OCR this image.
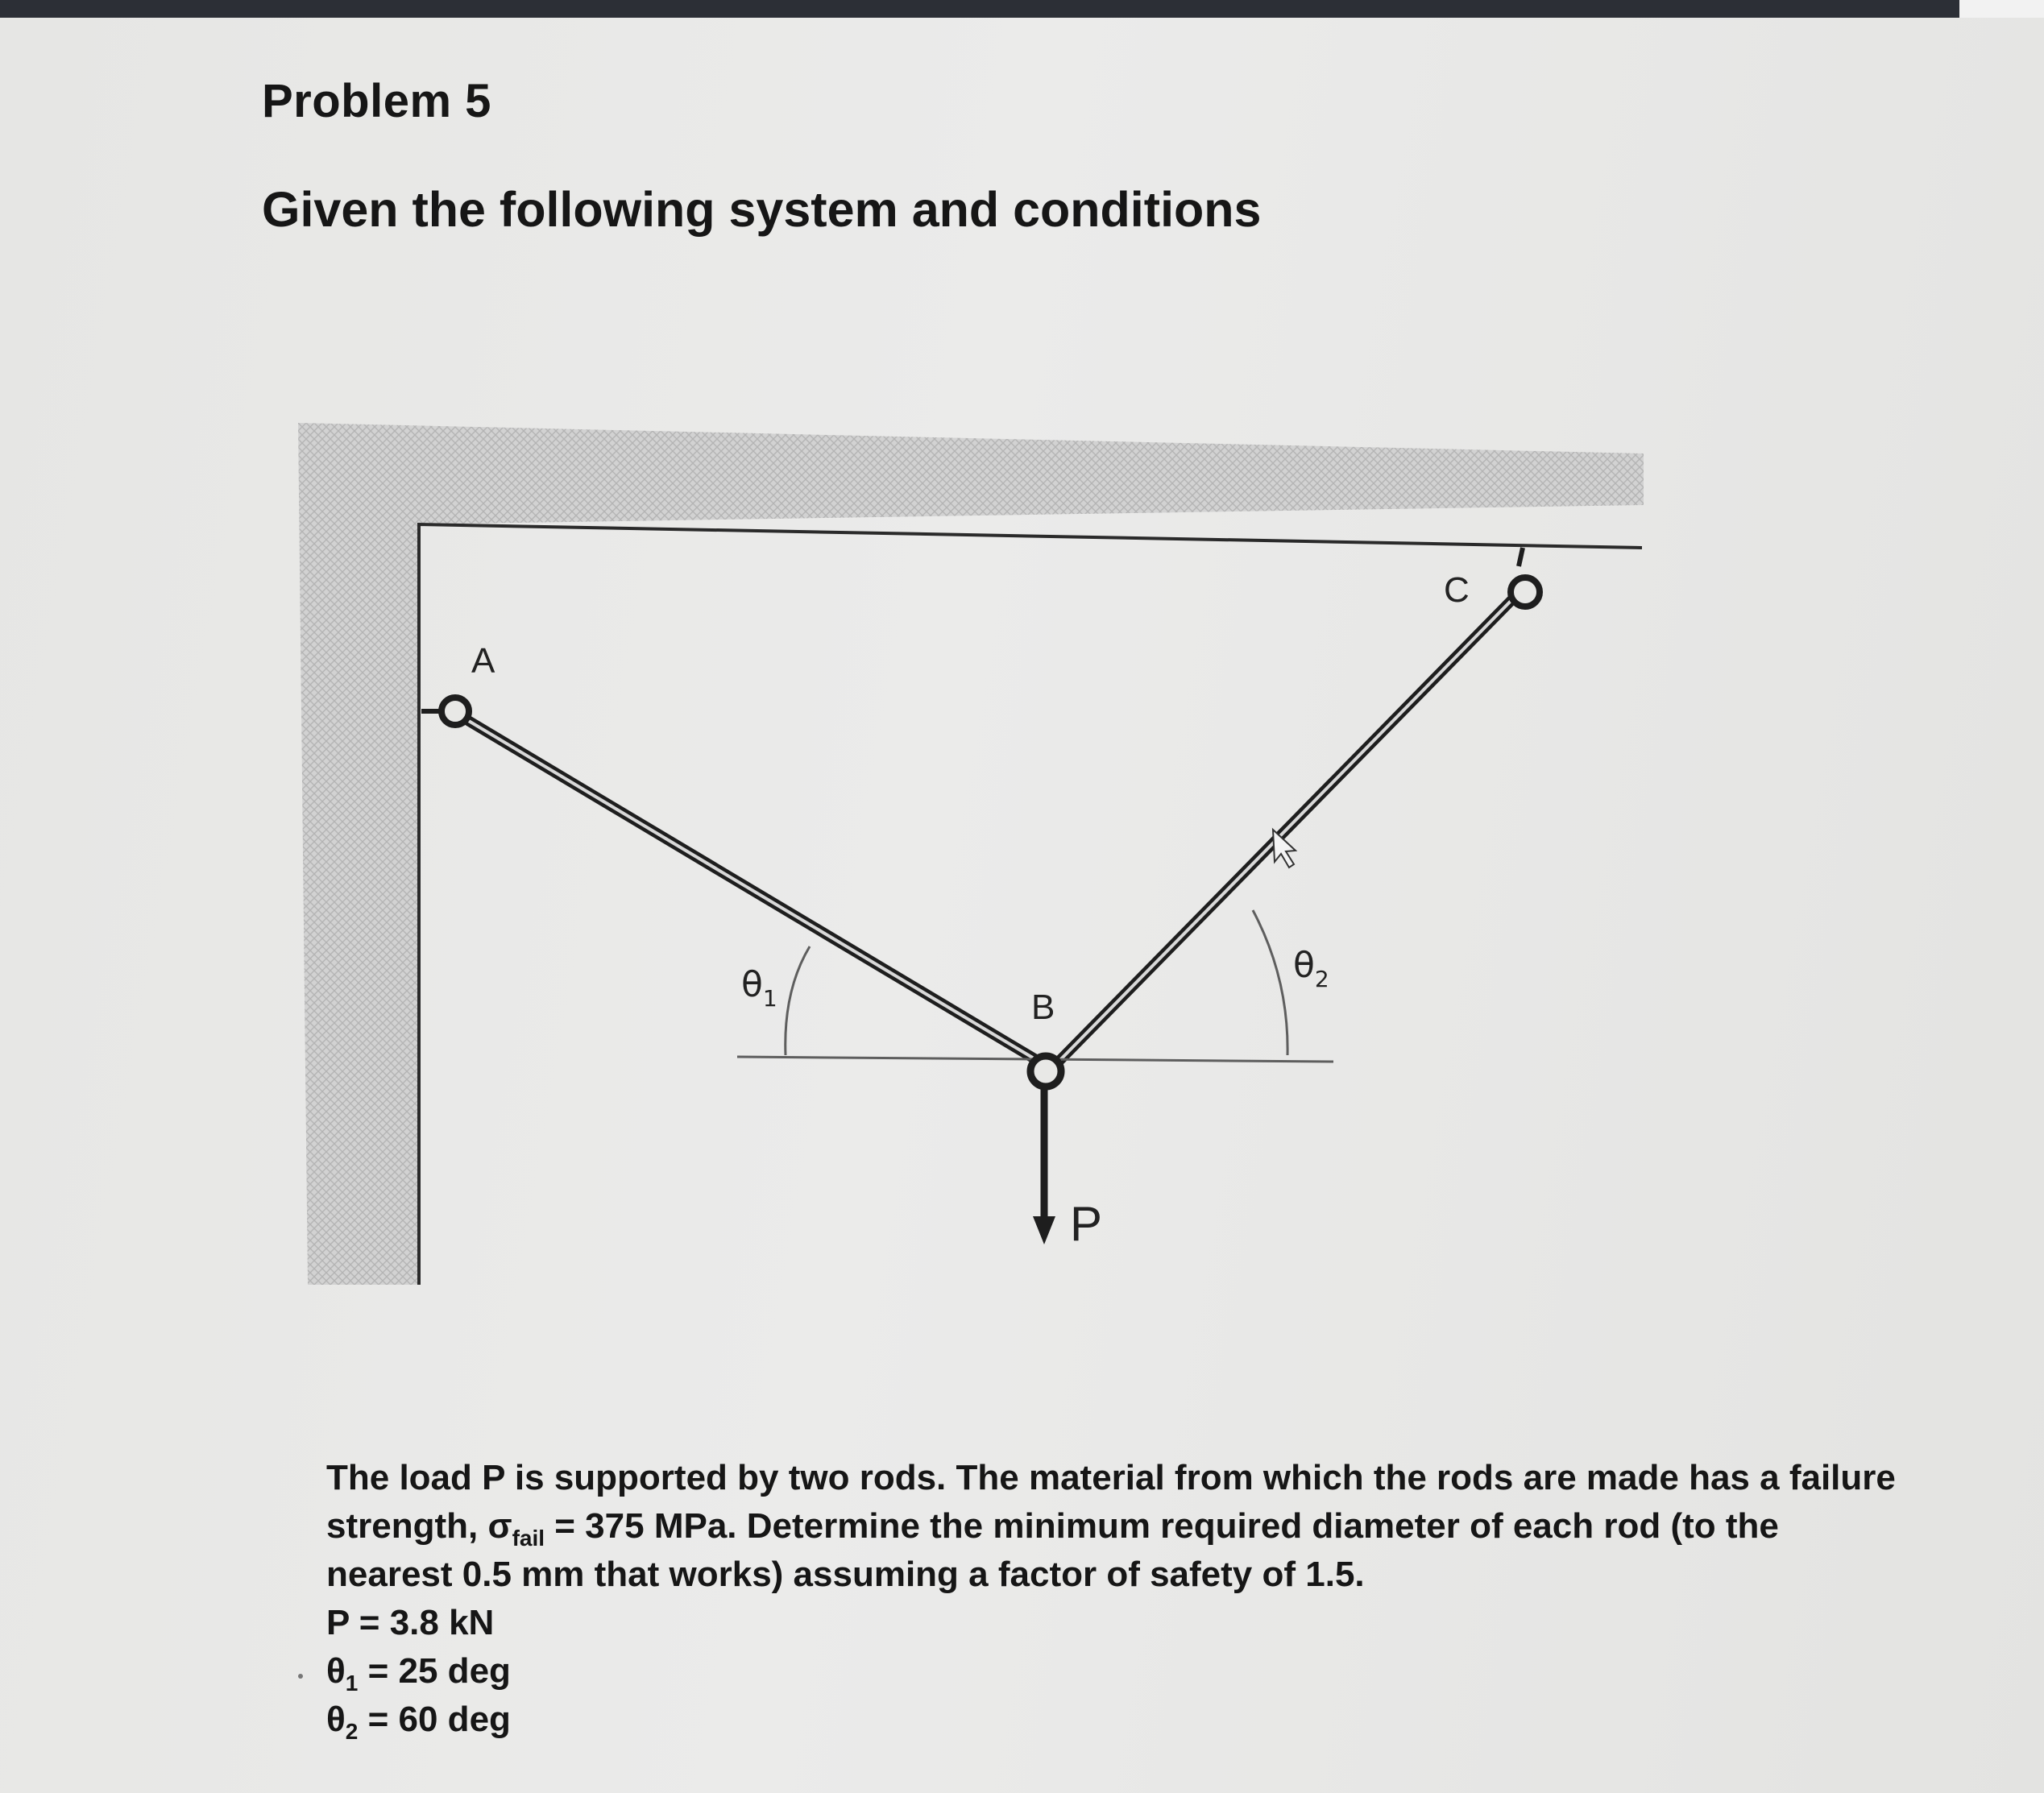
Problem 5
Given the following system and conditions
A
C
B
P
$\theta_1$
$\theta_2$

The load P is supported by two rods. The material from which the rods are made has a failure strength, $\sigma_{fail} = 375$ MPa. Determine the minimum required diameter of each rod (to the nearest 0.5 mm that works) assuming a factor of safety of 1.5.

P = 3.8 kN
$\theta_1 = 25$ deg
$\theta_2 = 60$ deg
